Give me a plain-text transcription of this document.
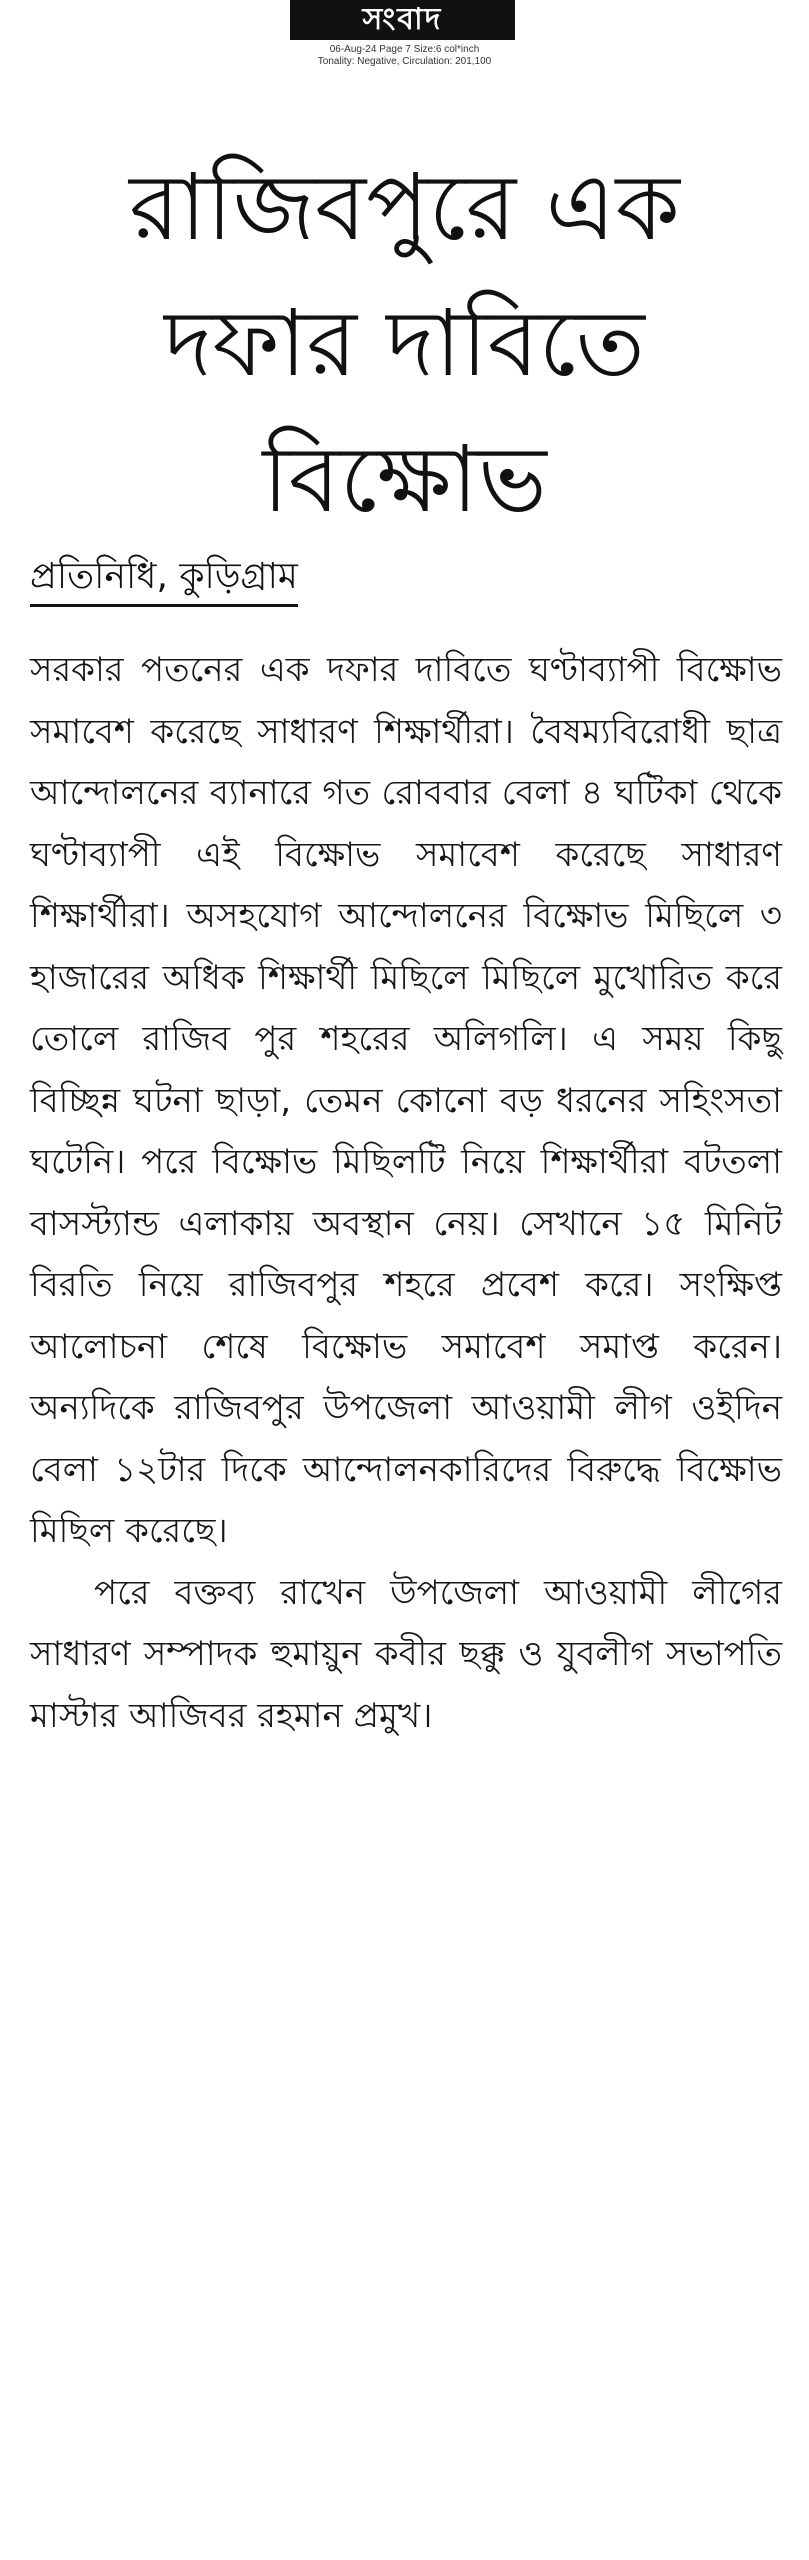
সংবাদ
06-Aug-24 Page 7 Size:6 col*inch
Tonality: Negative, Circulation: 201,100
রাজিবপুরে এক
দফার দাবিতে
বিক্ষোভ
প্রতিনিধি, কুড়িগ্রাম

সরকার পতনের এক দফার দাবিতে ঘণ্টাব্যাপী বিক্ষোভ সমাবেশ করেছে সাধারণ শিক্ষার্থীরা। বৈষম্যবিরোধী ছাত্র আন্দোলনের ব্যানারে গত রোববার বেলা ৪ ঘটিকা থেকে ঘণ্টাব্যাপী এই বিক্ষোভ সমাবেশ করেছে সাধারণ শিক্ষার্থীরা। অসহযোগ আন্দোলনের বিক্ষোভ মিছিলে ৩ হাজারের অধিক শিক্ষার্থী মিছিলে মিছিলে মুখোরিত করে তোলে রাজিব পুর শহরের অলিগলি। এ সময় কিছু বিচ্ছিন্ন ঘটনা ছাড়া, তেমন কোনো বড় ধরনের সহিংসতা ঘটেনি। পরে বিক্ষোভ মিছিলটি নিয়ে শিক্ষার্থীরা বটতলা বাসস্ট্যান্ড এলাকায় অবস্থান নেয়। সেখানে ১৫ মিনিট বিরতি নিয়ে রাজিবপুর শহরে প্রবেশ করে। সংক্ষিপ্ত আলোচনা শেষে বিক্ষোভ সমাবেশ সমাপ্ত করেন। অন্যদিকে রাজিবপুর উপজেলা আওয়ামী লীগ ওইদিন বেলা ১২টার দিকে আন্দোলনকারিদের বিরুদ্ধে বিক্ষোভ মিছিল করেছে।

পরে বক্তব্য রাখেন উপজেলা আওয়ামী লীগের সাধারণ সম্পাদক হুমায়ুন কবীর ছক্কু ও যুবলীগ সভাপতি মাস্টার আজিবর রহমান প্রমুখ।
